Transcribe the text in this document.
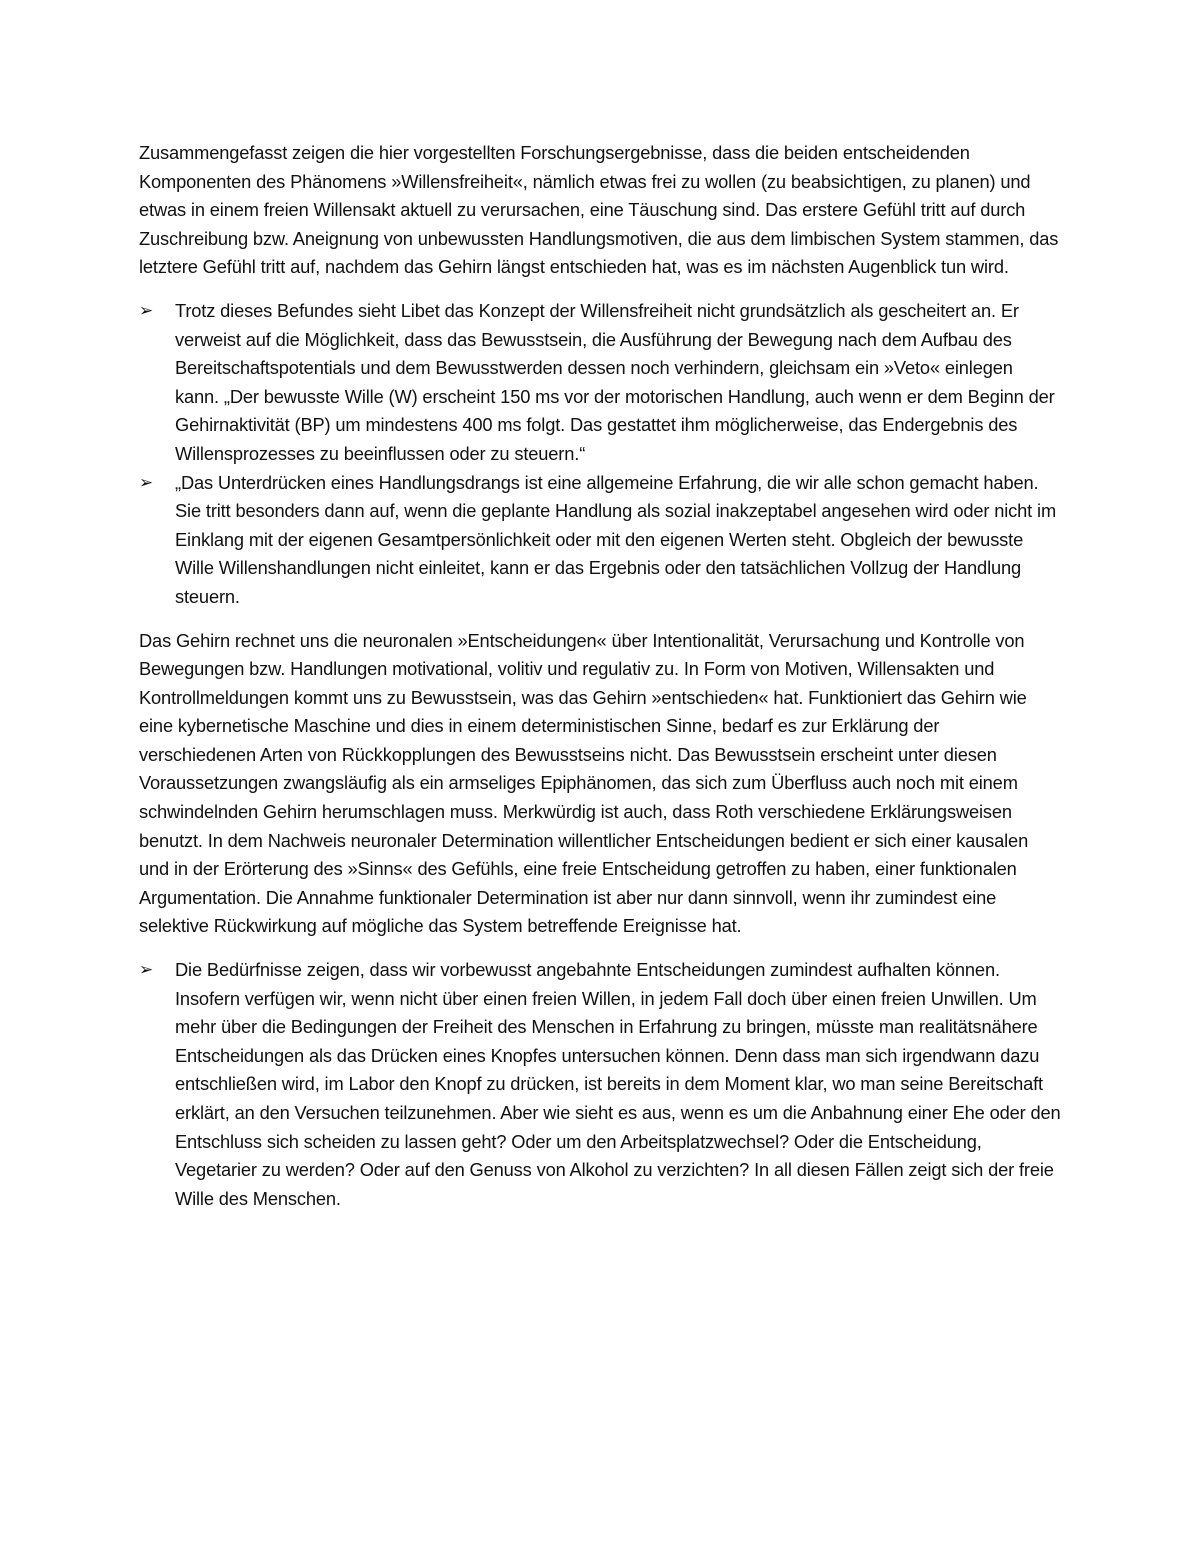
Zusammengefasst zeigen die hier vorgestellten Forschungsergebnisse, dass die beiden entscheidenden Komponenten des Phänomens »Willensfreiheit«, nämlich etwas frei zu wollen (zu beabsichtigen, zu planen) und etwas in einem freien Willensakt aktuell zu verursachen, eine Täuschung sind. Das erstere Gefühl tritt auf durch Zuschreibung bzw. Aneignung von unbewussten Handlungsmotiven, die aus dem limbischen System stammen, das letztere Gefühl tritt auf, nachdem das Gehirn längst entschieden hat, was es im nächsten Augenblick tun wird.

➢	Trotz dieses Befundes sieht Libet das Konzept der Willensfreiheit nicht grundsätzlich als gescheitert an. Er verweist auf die Möglichkeit, dass das Bewusstsein, die Ausführung der Bewegung nach dem Aufbau des Bereitschaftspotentials und dem Bewusstwerden dessen noch verhindern, gleichsam ein »Veto« einlegen kann. „Der bewusste Wille (W) erscheint 150 ms vor der motorischen Handlung, auch wenn er dem Beginn der Gehirnaktivität (BP) um mindestens 400 ms folgt. Das gestattet ihm möglicherweise, das Endergebnis des Willensprozesses zu beeinflussen oder zu steuern.“
➢	„Das Unterdrücken eines Handlungsdrangs ist eine allgemeine Erfahrung, die wir alle schon gemacht haben. Sie tritt besonders dann auf, wenn die geplante Handlung als sozial inakzeptabel angesehen wird oder nicht im Einklang mit der eigenen Gesamtpersönlichkeit oder mit den eigenen Werten steht. Obgleich der bewusste Wille Willenshandlungen nicht einleitet, kann er das Ergebnis oder den tatsächlichen Vollzug der Handlung steuern.

Das Gehirn rechnet uns die neuronalen »Entscheidungen« über Intentionalität, Verursachung und Kontrolle von Bewegungen bzw. Handlungen motivational, volitiv und regulativ zu. In Form von Motiven, Willensakten und Kontrollmeldungen kommt uns zu Bewusstsein, was das Gehirn »entschieden« hat. Funktioniert das Gehirn wie eine kybernetische Maschine und dies in einem deterministischen Sinne, bedarf es zur Erklärung der verschiedenen Arten von Rückkopplungen des Bewusstseins nicht. Das Bewusstsein erscheint unter diesen Voraussetzungen zwangsläufig als ein armseliges Epiphänomen, das sich zum Überfluss auch noch mit einem schwindelnden Gehirn herumschlagen muss. Merkwürdig ist auch, dass Roth verschiedene Erklärungsweisen benutzt. In dem Nachweis neuronaler Determination willentlicher Entscheidungen bedient er sich einer kausalen und in der Erörterung des »Sinns« des Gefühls, eine freie Entscheidung getroffen zu haben, einer funktionalen Argumentation. Die Annahme funktionaler Determination ist aber nur dann sinnvoll, wenn ihr zumindest eine selektive Rückwirkung auf mögliche das System betreffende Ereignisse hat.

➢	Die Bedürfnisse zeigen, dass wir vorbewusst angebahnte Entscheidungen zumindest aufhalten können. Insofern verfügen wir, wenn nicht über einen freien Willen, in jedem Fall doch über einen freien Unwillen. Um mehr über die Bedingungen der Freiheit des Menschen in Erfahrung zu bringen, müsste man realitätsnähere Entscheidungen als das Drücken eines Knopfes untersuchen können. Denn dass man sich irgendwann dazu entschließen wird, im Labor den Knopf zu drücken, ist bereits in dem Moment klar, wo man seine Bereitschaft erklärt, an den Versuchen teilzunehmen. Aber wie sieht es aus, wenn es um die Anbahnung einer Ehe oder den Entschluss sich scheiden zu lassen geht? Oder um den Arbeitsplatzwechsel? Oder die Entscheidung, Vegetarier zu werden? Oder auf den Genuss von Alkohol zu verzichten? In all diesen Fällen zeigt sich der freie Wille des Menschen.
